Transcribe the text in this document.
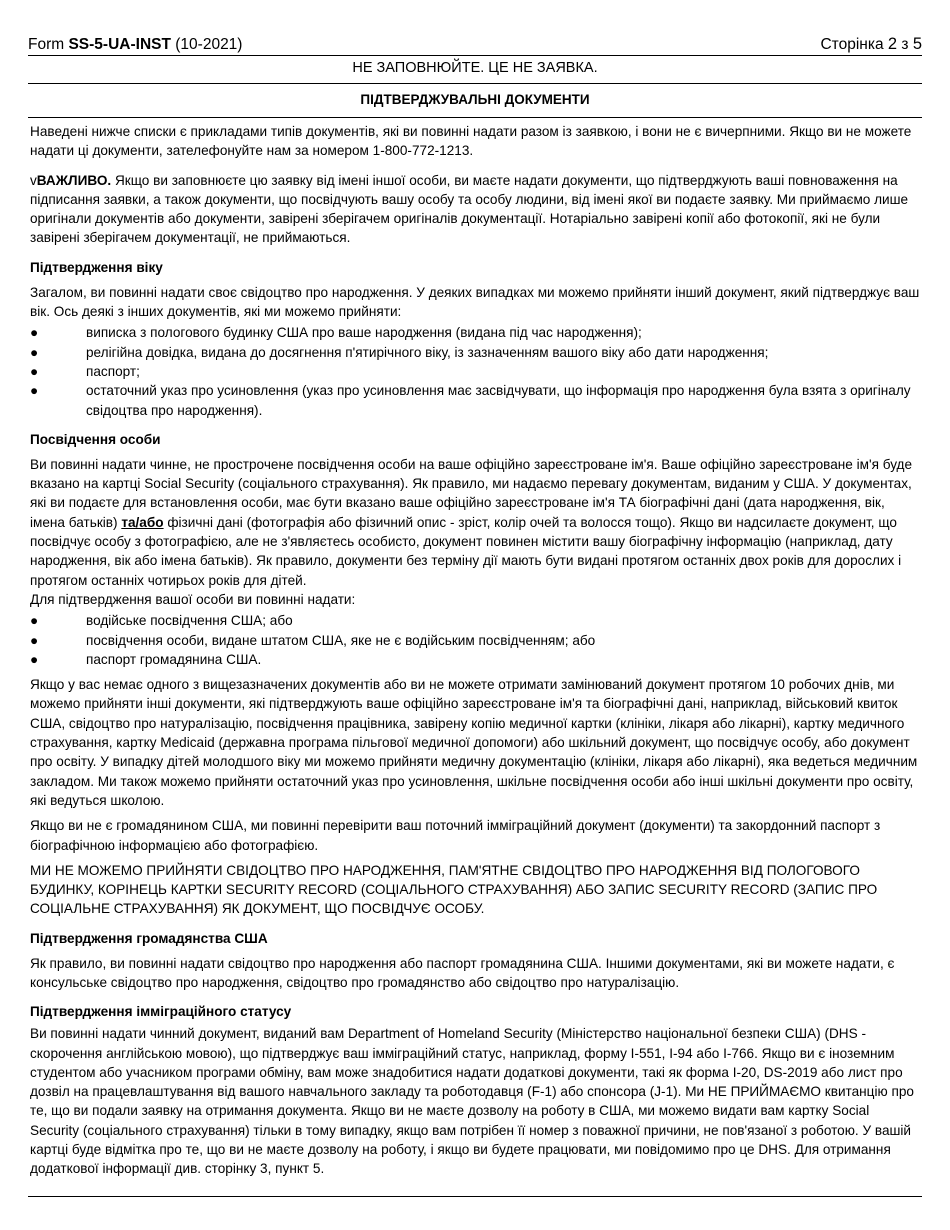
Form SS-5-UA-INST (10-2021)	Сторінка 2 з 5
НЕ ЗАПОВНЮЙТЕ. ЦЕ НЕ ЗАЯВКА.
ПІДТВЕРДЖУВАЛЬНІ ДОКУМЕНТИ

Наведені нижче списки є прикладами типів документів, які ви повинні надати разом із заявкою, і вони не є вичерпними. Якщо ви не можете надати ці документи, зателефонуйте нам за номером 1-800-772-1213.

vВАЖЛИВО. Якщо ви заповнюєте цю заявку від імені іншої особи, ви маєте надати документи, що підтверджують ваші повноваження на підписання заявки, а також документи, що посвідчують вашу особу та особу людини, від імені якої ви подаєте заявку. Ми приймаємо лише оригінали документів або документи, завірені зберігачем оригіналів документації. Нотаріально завірені копії або фотокопії, які не були завірені зберігачем документації, не приймаються.

Підтвердження віку

Загалом, ви повинні надати своє свідоцтво про народження. У деяких випадках ми можемо прийняти інший документ, який підтверджує ваш вік. Ось деякі з інших документів, які ми можемо прийняти:

●	виписка з пологового будинку США про ваше народження (видана під час народження);
●	релігійна довідка, видана до досягнення п'ятирічного віку, із зазначенням вашого віку або дати народження;
●	паспорт;
●	остаточний указ про усиновлення (указ про усиновлення має засвідчувати, що інформація про народження була взята з оригіналу свідоцтва про народження).
Посвідчення особи

Ви повинні надати чинне, не прострочене посвідчення особи на ваше офіційно зареєстроване ім'я. Ваше офіційно зареєстроване ім'я буде вказано на картці Social Security (соціального страхування). Як правило, ми надаємо перевагу документам, виданим у США. У документах, які ви подаєте для встановлення особи, має бути вказано ваше офіційно зареєстроване ім'я ТА біографічні дані (дата народження, вік, імена батьків) та/або фізичні дані (фотографія або фізичний опис - зріст, колір очей та волосся тощо). Якщо ви надсилаєте документ, що посвідчує особу з фотографією, але не з'являєтесь особисто, документ повинен містити вашу біографічну інформацію (наприклад, дату народження, вік або імена батьків). Як правило, документи без терміну дії мають бути видані протягом останніх двох років для дорослих і протягом останніх чотирьох років для дітей.

Для підтвердження вашої особи ви повинні надати:

●	водійське посвідчення США; або
●	посвідчення особи, видане штатом США, яке не є водійським посвідченням; або
●	паспорт громадянина США.

Якщо у вас немає одного з вищезазначених документів або ви не можете отримати замінюваний документ протягом 10 робочих днів, ми можемо прийняти інші документи, які підтверджують ваше офіційно зареєстроване ім'я та біографічні дані, наприклад, військовий квиток США, свідоцтво про натуралізацію, посвідчення працівника, завірену копію медичної картки (клініки, лікаря або лікарні), картку медичного страхування, картку Medicaid (державна програма пільгової медичної допомоги) або шкільний документ, що посвідчує особу, або документ про освіту. У випадку дітей молодшого віку ми можемо прийняти медичну документацію (клініки, лікаря або лікарні), яка ведеться медичним закладом. Ми також можемо прийняти остаточний указ про усиновлення, шкільне посвідчення особи або інші шкільні документи про освіту, які ведуться школою.

Якщо ви не є громадянином США, ми повинні перевірити ваш поточний імміграційний документ (документи) та закордонний паспорт з біографічною інформацією або фотографією.

МИ НЕ МОЖЕМО ПРИЙНЯТИ СВІДОЦТВО ПРО НАРОДЖЕННЯ, ПАМ'ЯТНЕ СВІДОЦТВО ПРО НАРОДЖЕННЯ ВІД ПОЛОГОВОГО БУДИНКУ, КОРІНЕЦЬ КАРТКИ SECURITY RECORD (СОЦІАЛЬНОГО СТРАХУВАННЯ) АБО ЗАПИС SECURITY RECORD (ЗАПИС ПРО СОЦІАЛЬНЕ СТРАХУВАННЯ) ЯК ДОКУМЕНТ, ЩО ПОСВІДЧУЄ ОСОБУ.

Підтвердження громадянства США

Як правило, ви повинні надати свідоцтво про народження або паспорт громадянина США. Іншими документами, які ви можете надати, є консульське свідоцтво про народження, свідоцтво про громадянство або свідоцтво про натуралізацію.

Підтвердження імміграційного статусу

Ви повинні надати чинний документ, виданий вам Department of Homeland Security (Міністерство національної безпеки США) (DHS - скорочення англійською мовою), що підтверджує ваш імміграційний статус, наприклад, форму I-551, I-94 або I-766. Якщо ви є іноземним студентом або учасником програми обміну, вам може знадобитися надати додаткові документи, такі як форма I-20, DS-2019 або лист про дозвіл на працевлаштування від вашого навчального закладу та роботодавця (F-1) або спонсора (J-1). Ми НЕ ПРИЙМАЄМО квитанцію про те, що ви подали заявку на отримання документа. Якщо ви не маєте дозволу на роботу в США, ми можемо видати вам картку Social Security (соціального страхування) тільки в тому випадку, якщо вам потрібен її номер з поважної причини, не пов'язаної з роботою. У вашій картці буде відмітка про те, що ви не маєте дозволу на роботу, і якщо ви будете працювати, ми повідомимо про це DHS. Для отримання додаткової інформації див. сторінку 3, пункт 5.
